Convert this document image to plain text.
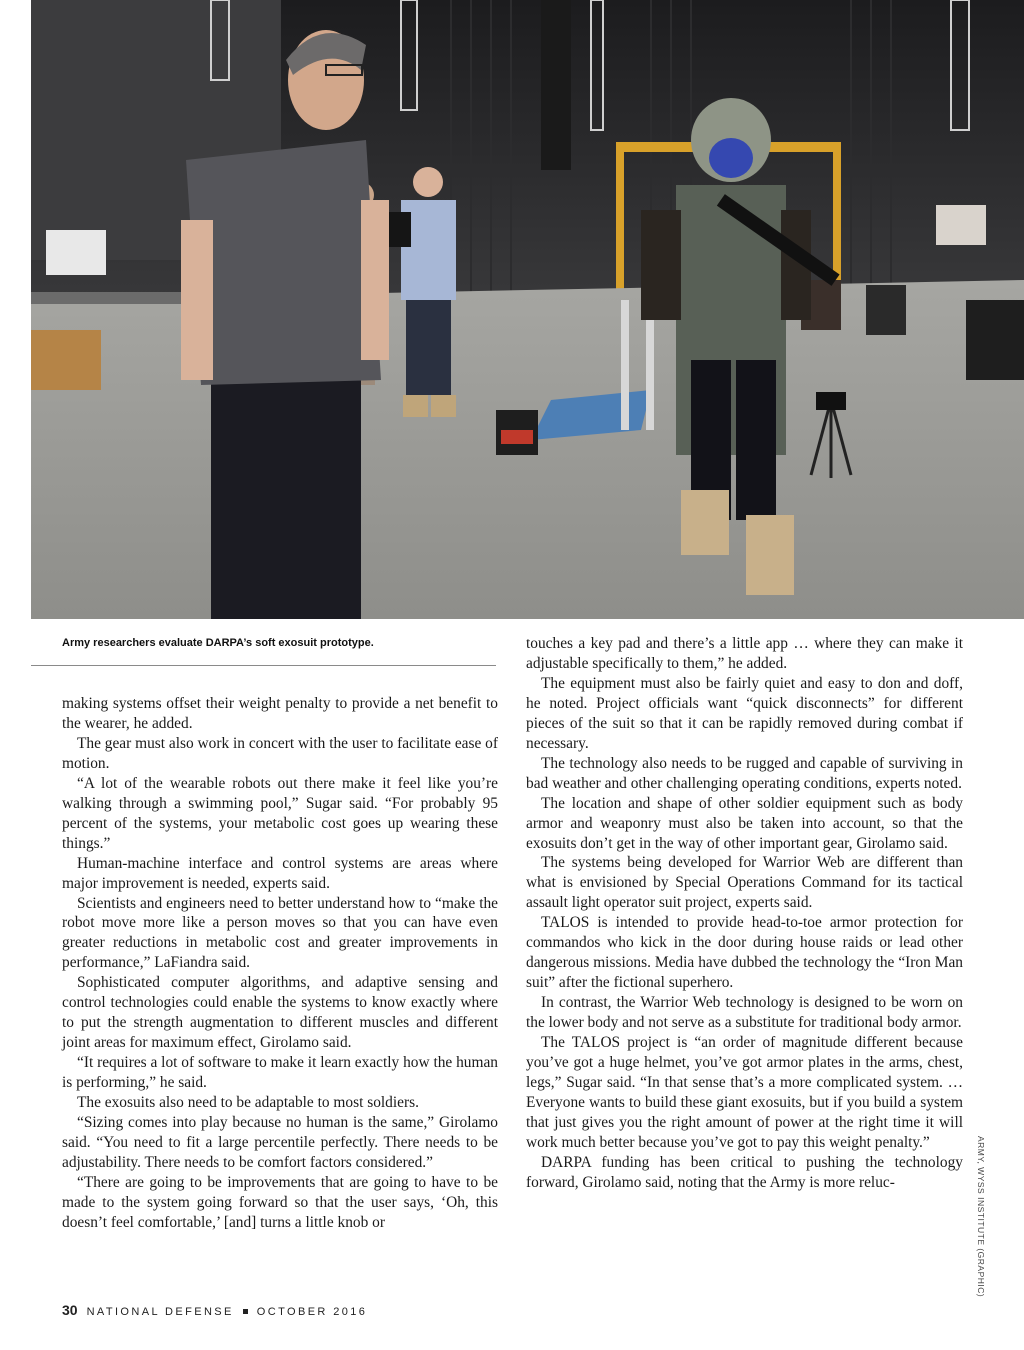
Army researchers evaluate DARPA’s soft exosuit prototype.

making systems offset their weight penalty to provide a net benefit to the wearer, he added.

The gear must also work in concert with the user to facilitate ease of motion.

“A lot of the wearable robots out there make it feel like you’re walking through a swimming pool,” Sugar said. “For probably 95 percent of the systems, your metabolic cost goes up wearing these things.”

Human-machine interface and control systems are areas where major improvement is needed, experts said.

Scientists and engineers need to better understand how to “make the robot move more like a person moves so that you can have even greater reductions in metabolic cost and greater improvements in performance,” LaFiandra said.

Sophisticated computer algorithms, and adaptive sensing and control technologies could enable the systems to know exactly where to put the strength augmentation to different muscles and different joint areas for maximum effect, Girolamo said.

“It requires a lot of software to make it learn exactly how the human is performing,” he said.

The exosuits also need to be adaptable to most soldiers.

“Sizing comes into play because no human is the same,” Girolamo said. “You need to fit a large percentile perfectly. There needs to be adjustability. There needs to be comfort factors considered.”

“There are going to be improvements that are going to have to be made to the system going forward so that the user says, ‘Oh, this doesn’t feel comfortable,’ [and] turns a little knob or

touches a key pad and there’s a little app … where they can make it adjustable specifically to them,” he added.

The equipment must also be fairly quiet and easy to don and doff, he noted. Project officials want “quick disconnects” for different pieces of the suit so that it can be rapidly removed during combat if necessary.

The technology also needs to be rugged and capable of surviving in bad weather and other challenging operating conditions, experts noted.

The location and shape of other soldier equipment such as body armor and weaponry must also be taken into account, so that the exosuits don’t get in the way of other important gear, Girolamo said.

The systems being developed for Warrior Web are different than what is envisioned by Special Operations Command for its tactical assault light operator suit project, experts said.

TALOS is intended to provide head-to-toe armor protection for commandos who kick in the door during house raids or lead other dangerous missions. Media have dubbed the technology the “Iron Man suit” after the fictional superhero.

In contrast, the Warrior Web technology is designed to be worn on the lower body and not serve as a substitute for traditional body armor.

The TALOS project is “an order of magnitude different because you’ve got a huge helmet, you’ve got armor plates in the arms, chest, legs,” Sugar said. “In that sense that’s a more complicated system. … Everyone wants to build these giant exosuits, but if you build a system that just gives you the right amount of power at the right time it will work much better because you’ve got to pay this weight penalty.”

DARPA funding has been critical to pushing the technology forward, Girolamo said, noting that the Army is more reluc-	ARMY, WYSS INSTITUTE (GRAPHIC)
30 NATIONAL DEFENSE OCTOBER 2016
